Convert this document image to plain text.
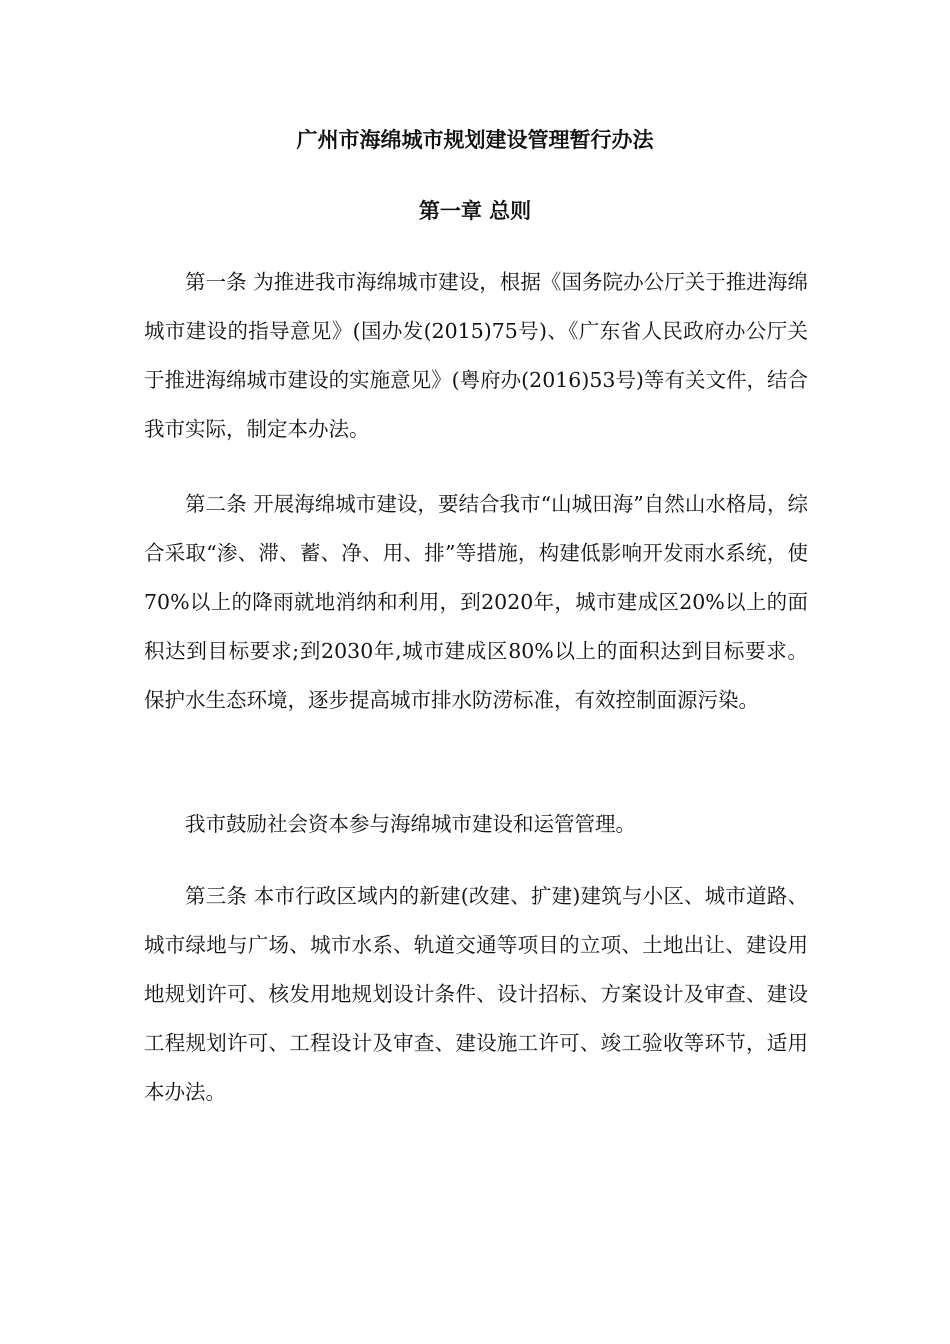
广州市海绵城市规划建设管理暂行办法
第一章 总则

第一条 为推进我市海绵城市建设，根据《国务院办公厅关于推进海绵城市建设的指导意见》(国办发(2015)75号)、《广东省人民政府办公厅关于推进海绵城市建设的实施意见》(粤府办(2016)53号)等有关文件，结合我市实际，制定本办法。

第二条 开展海绵城市建设，要结合我市“山城田海”自然山水格局，综合采取“渗、滞、蓄、净、用、排”等措施，构建低影响开发雨水系统，使70%以上的降雨就地消纳和利用，到2020年，城市建成区20%以上的面积达到目标要求;到2030年,城市建成区80%以上的面积达到目标要求。保护水生态环境，逐步提高城市排水防涝标准，有效控制面源污染。

我市鼓励社会资本参与海绵城市建设和运管管理。

第三条 本市行政区域内的新建(改建、扩建)建筑与小区、城市道路、城市绿地与广场、城市水系、轨道交通等项目的立项、土地出让、建设用地规划许可、核发用地规划设计条件、设计招标、方案设计及审查、建设工程规划许可、工程设计及审查、建设施工许可、竣工验收等环节，适用本办法。
